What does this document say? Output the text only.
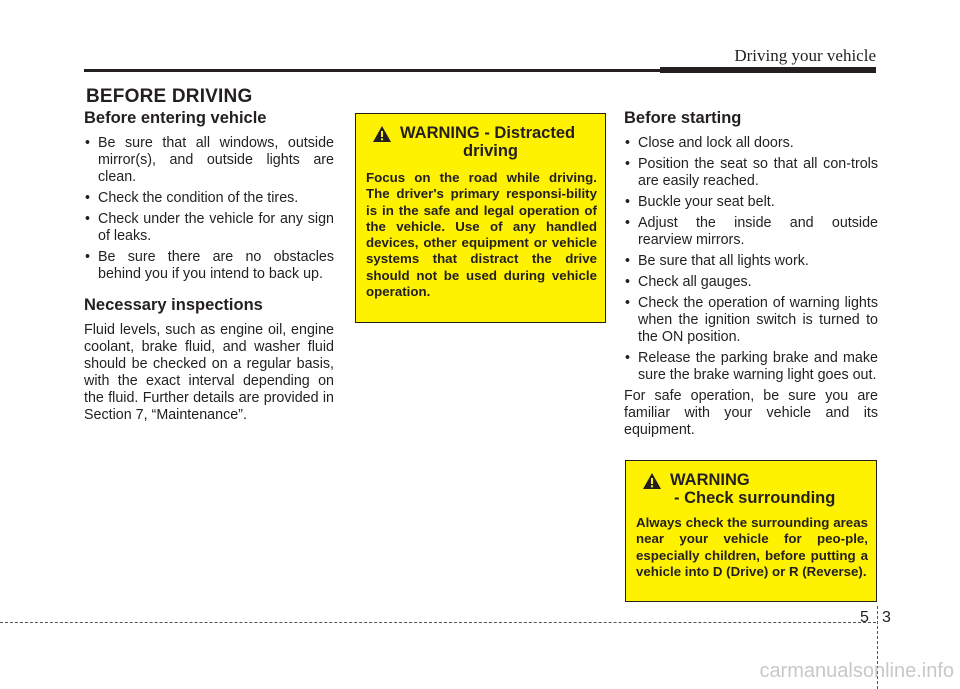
Driving your vehicle
BEFORE DRIVING
Before entering vehicle
• Be sure that all windows, outside mirror(s), and outside lights are clean.
• Check the condition of the tires.
• Check under the vehicle for any sign of leaks.
• Be sure there are no obstacles behind you if you intend to back up.
Necessary inspections

Fluid levels, such as engine oil, engine coolant, brake fluid, and washer fluid should be checked on a regular basis, with the exact interval depending on the fluid. Further details are provided in Section 7, “Maintenance”.

WARNING - Distracted
driving
Focus on the road while driving. The driver's primary responsi-bility is in the safe and legal operation of the vehicle. Use of any handled devices, other equipment or vehicle systems that distract the drive should not be used during vehicle operation.
Before starting
• Close and lock all doors.
• Position the seat so that all con-trols are easily reached.
• Buckle your seat belt.
• Adjust the inside and outside rearview mirrors.
• Be sure that all lights work.
• Check all gauges.
• Check the operation of warning lights when the ignition switch is turned to the ON position.
• Release the parking brake and make sure the brake warning light goes out.

For safe operation, be sure you are familiar with your vehicle and its equipment.

WARNING
- Check surrounding
Always check the surrounding areas near your vehicle for peo-ple, especially children, before putting a vehicle into D (Drive) or R (Reverse).
5 3
carmanualsonline.info
